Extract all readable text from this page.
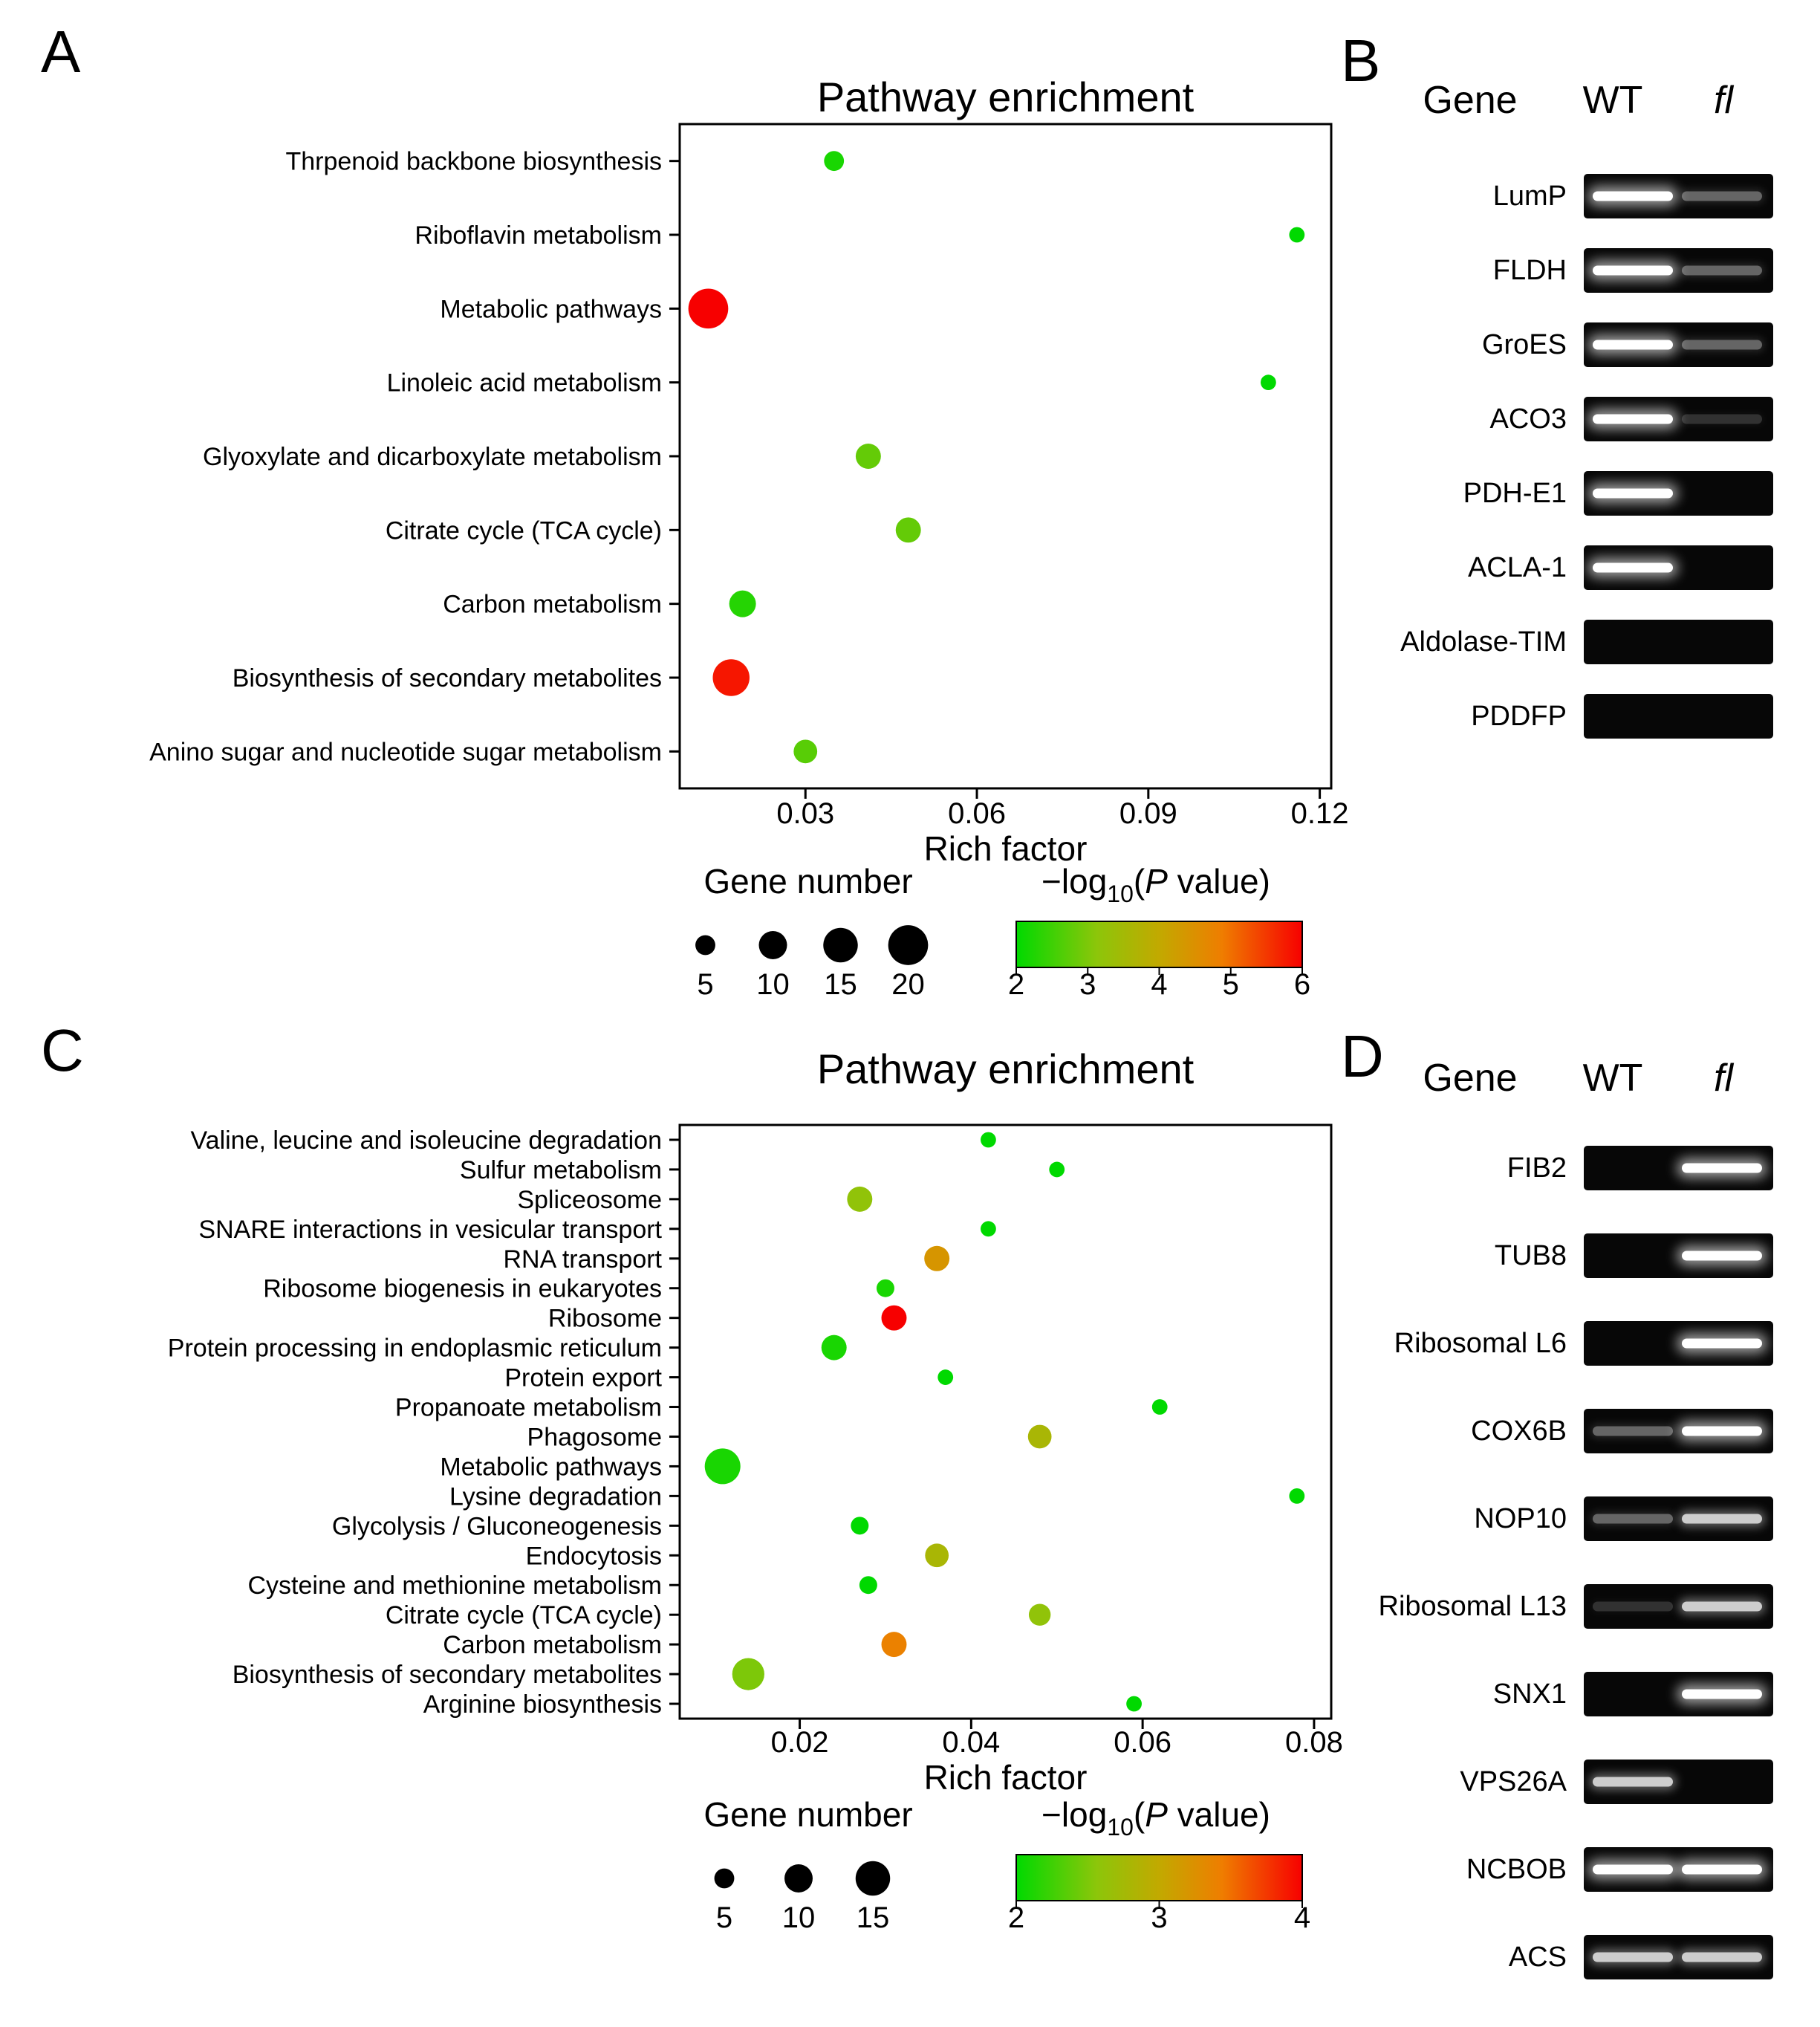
A	B
C	D
Pathway enrichment
0.03	0.06	0.09	0.12
Thrpenoid backbone biosynthesis
Riboflavin metabolism
Metabolic pathways
Linoleic acid metabolism
Glyoxylate and dicarboxylate metabolism
Citrate cycle (TCA cycle)
Carbon metabolism
Biosynthesis of secondary metabolites
Anino sugar and nucleotide sugar metabolism
Rich factor
Gene number
5 10 15 20
$-\log_{10}(P$ value)
2 3 4 5 6
Pathway enrichment
0.02	0.04	0.06	0.08
Valine, leucine and isoleucine degradation
Sulfur metabolism
Spliceosome
SNARE interactions in vesicular transport
RNA transport
Ribosome biogenesis in eukaryotes
Ribosome
Protein processing in endoplasmic reticulum
Protein export
Propanoate metabolism
Phagosome
Metabolic pathways
Lysine degradation
Glycolysis / Gluconeogenesis
Endocytosis
Cysteine and methionine metabolism
Citrate cycle (TCA cycle)
Carbon metabolism
Biosynthesis of secondary metabolites
Arginine biosynthesis
Rich factor
Gene number
5 10 15
$-\log_{10}(P$ value)
2	3	4
Gene WT fl
LumP
FLDH
GroES
ACO3
PDH-E1
ACLA-1
Aldolase-TIM
PDDFP
Gene WT fl
FIB2
TUB8
Ribosomal L6
COX6B
NOP10
Ribosomal L13
SNX1
VPS26A
NCBOB
ACS
